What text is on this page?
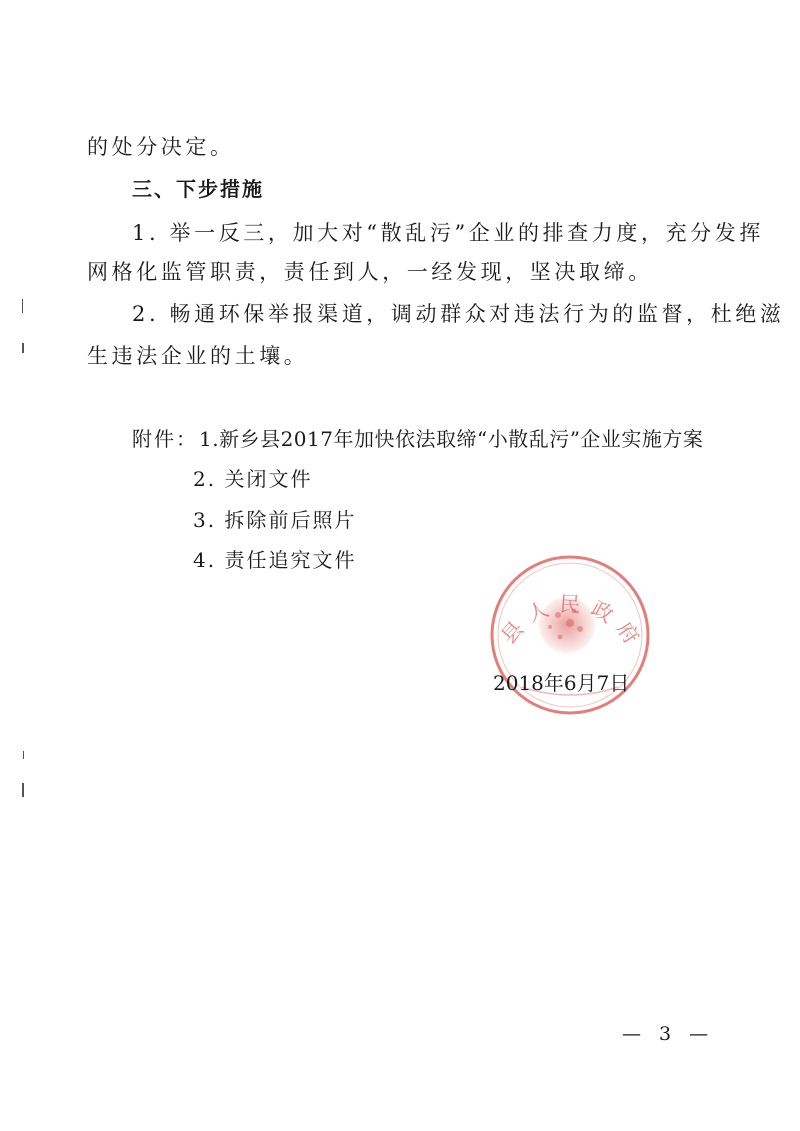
的处分决定。
三、下步措施
1. 举一反三，加大对“散乱污”企业的排查力度，充分发挥
网格化监管职责，责任到人，一经发现，坚决取缔。
2. 畅通环保举报渠道，调动群众对违法行为的监督，杜绝滋
生违法企业的土壤。
附件： 1.新乡县2017年加快依法取缔“小散乱污”企业实施方案
2. 关闭文件
3. 拆除前后照片
4. 责任追究文件
县人民政府
2018年6月7日
— 3 —
